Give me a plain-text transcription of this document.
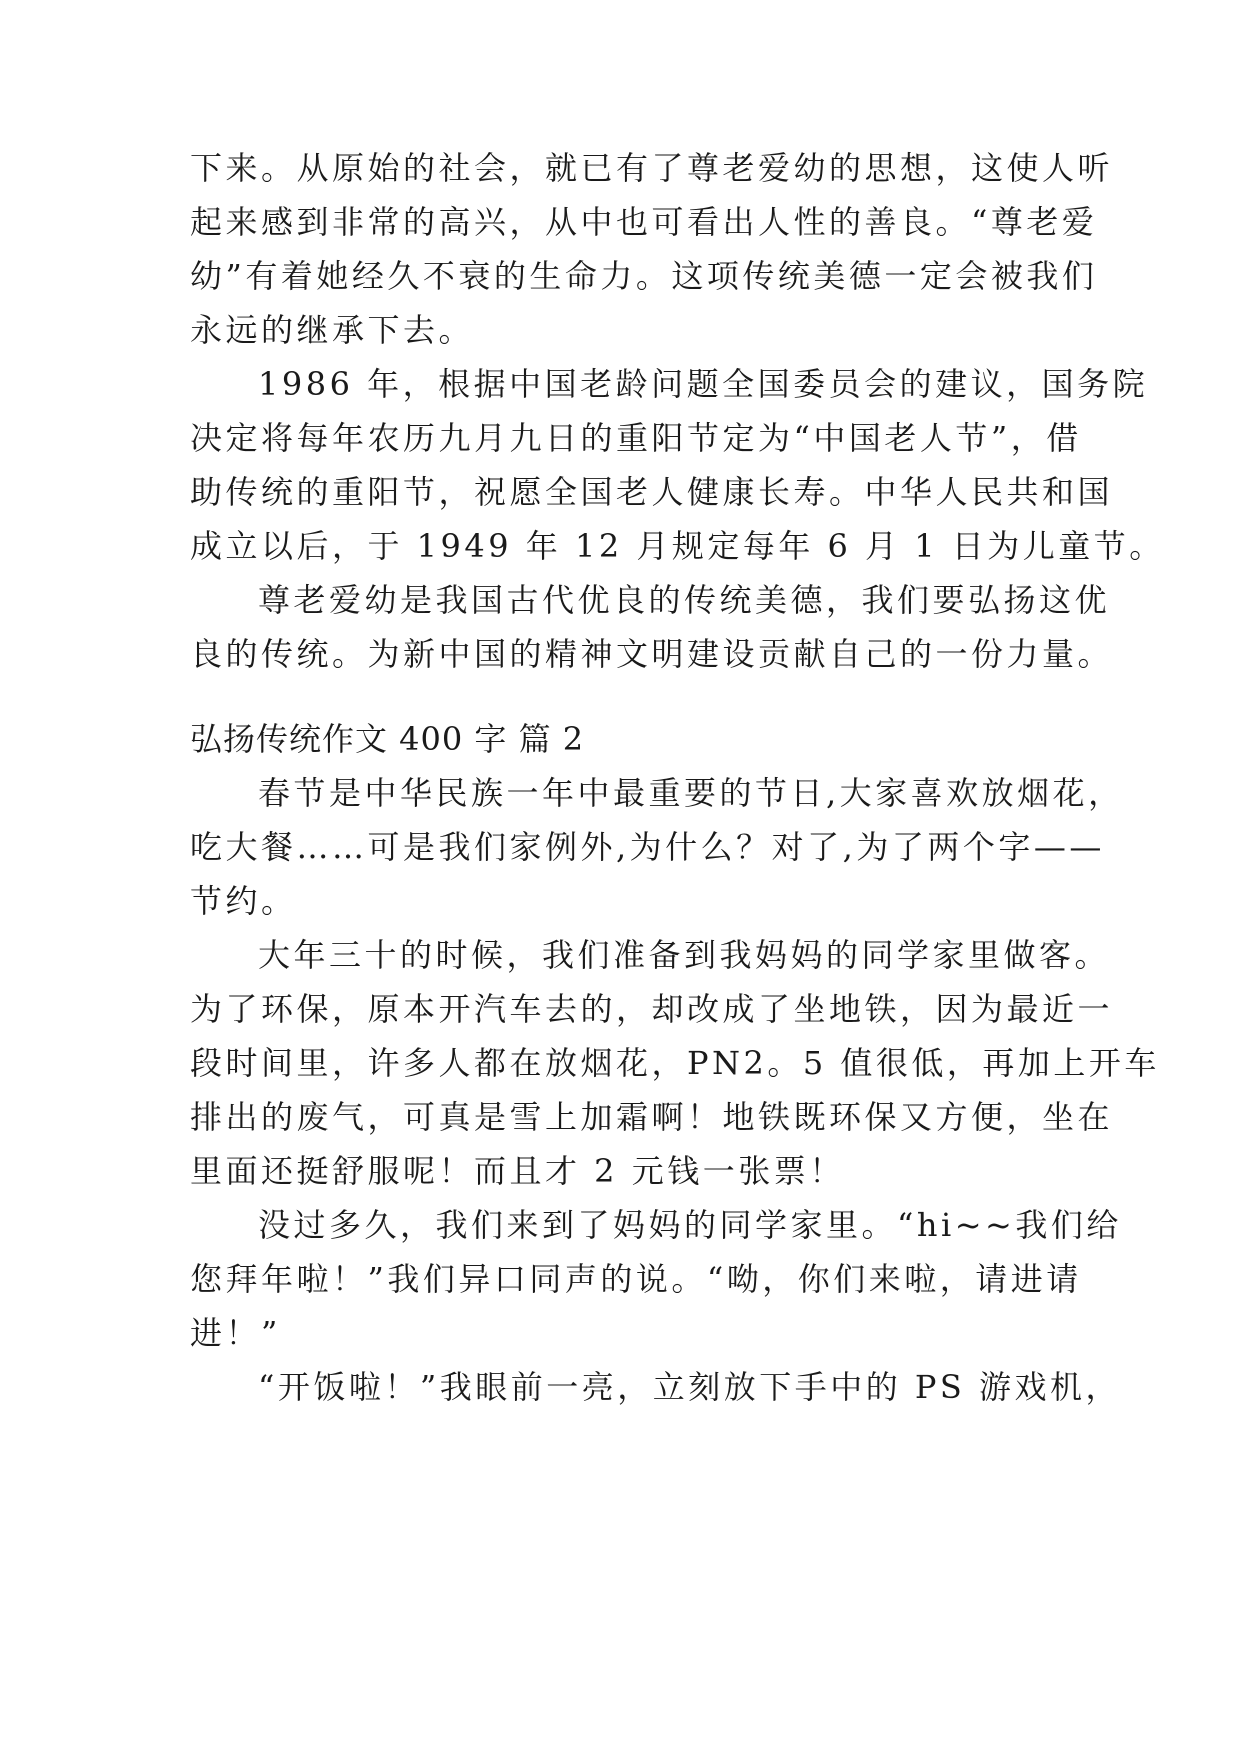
下来。从原始的社会，就已有了尊老爱幼的思想，这使人听
起来感到非常的高兴，从中也可看出人性的善良。“尊老爱
幼”有着她经久不衰的生命力。这项传统美德一定会被我们
永远的继承下去。
1986 年，根据中国老龄问题全国委员会的建议，国务院
决定将每年农历九月九日的重阳节定为“中国老人节”，借
助传统的重阳节，祝愿全国老人健康长寿。中华人民共和国
成立以后，于 1949 年 12 月规定每年 6 月 1 日为儿童节。
尊老爱幼是我国古代优良的传统美德，我们要弘扬这优
良的传统。为新中国的精神文明建设贡献自己的一份力量。
弘扬传统作文 400 字 篇 2
春节是中华民族一年中最重要的节日,大家喜欢放烟花，
吃大餐……可是我们家例外,为什么？对了,为了两个字——
节约。
大年三十的时候，我们准备到我妈妈的同学家里做客。
为了环保，原本开汽车去的，却改成了坐地铁，因为最近一
段时间里，许多人都在放烟花，PN2。5 值很低，再加上开车
排出的废气，可真是雪上加霜啊！地铁既环保又方便，坐在
里面还挺舒服呢！而且才 2 元钱一张票！
没过多久，我们来到了妈妈的同学家里。“hi~~我们给
您拜年啦！”我们异口同声的说。“呦，你们来啦，请进请
进！”
“开饭啦！”我眼前一亮，立刻放下手中的 PS 游戏机，
